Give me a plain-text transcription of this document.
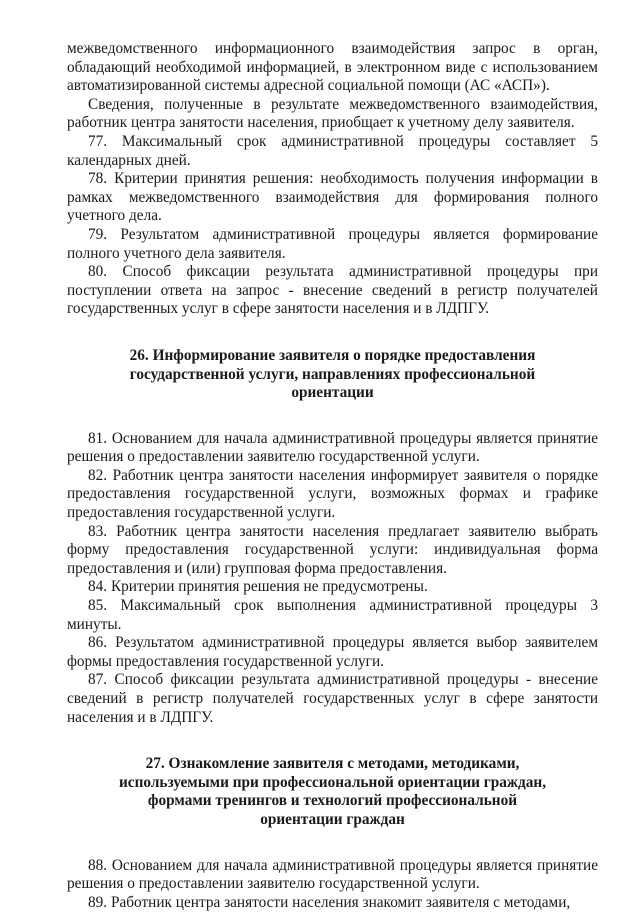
межведомственного информационного взаимодействия запрос в орган, обладающий необходимой информацией, в электронном виде с использованием автоматизированной системы адресной социальной помощи (АС «АСП»).

Сведения, полученные в результате межведомственного взаимодействия, работник центра занятости населения, приобщает к учетному делу заявителя.

77. Максимальный срок административной процедуры составляет 5 календарных дней.

78. Критерии принятия решения: необходимость получения информации в рамках межведомственного взаимодействия для формирования полного учетного дела.

79. Результатом административной процедуры является формирование полного учетного дела заявителя.

80. Способ фиксации результата административной процедуры при поступлении ответа на запрос - внесение сведений в регистр получателей государственных услуг в сфере занятости населения и в ЛДПГУ.

26. Информирование заявителя о порядке предоставления
государственной услуги, направлениях профессиональной
ориентации

81. Основанием для начала административной процедуры является принятие решения о предоставлении заявителю государственной услуги.

82. Работник центра занятости населения информирует заявителя о порядке предоставления государственной услуги, возможных формах и графике предоставления государственной услуги.

83. Работник центра занятости населения предлагает заявителю выбрать форму предоставления государственной услуги: индивидуальная форма предоставления и (или) групповая форма предоставления.

84. Критерии принятия решения не предусмотрены.

85. Максимальный срок выполнения административной процедуры 3 минуты.

86. Результатом административной процедуры является выбор заявителем формы предоставления государственной услуги.

87. Способ фиксации результата административной процедуры - внесение сведений в регистр получателей государственных услуг в сфере занятости населения и в ЛДПГУ.

27. Ознакомление заявителя с методами, методиками,
используемыми при профессиональной ориентации граждан,
формами тренингов и технологий профессиональной
ориентации граждан

88. Основанием для начала административной процедуры является принятие решения о предоставлении заявителю государственной услуги.

89. Работник центра занятости населения знакомит заявителя с методами,
